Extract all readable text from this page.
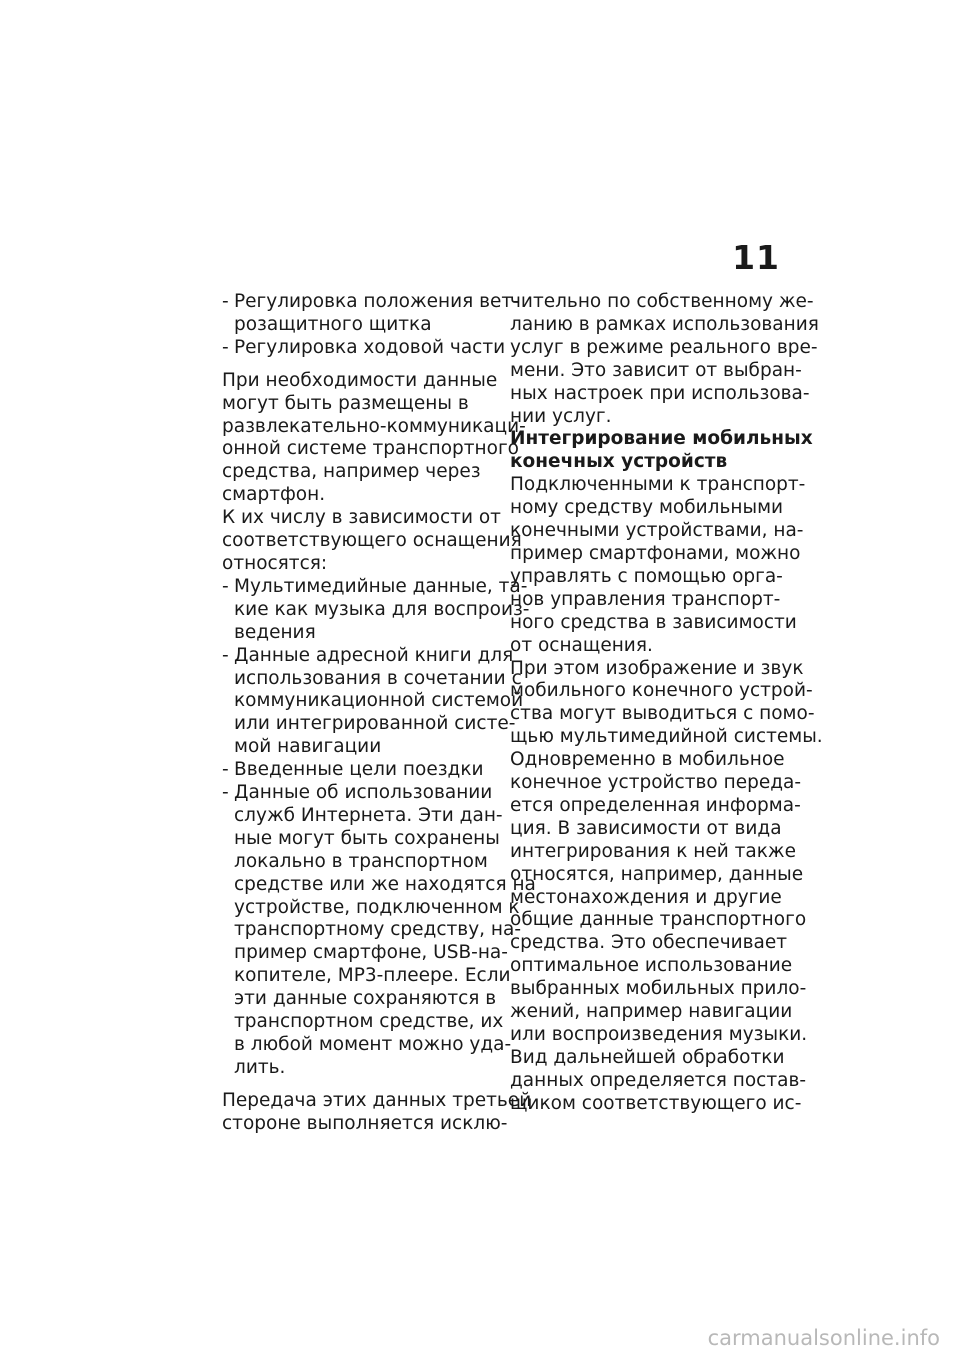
11
- Регулировка положения вет-
розащитного щитка
- Регулировка ходовой части
При необходимости данные
могут быть размещены в
развлекательно-коммуникаци-
онной системе транспортного
средства, например через
смартфон.
К их числу в зависимости от
соответствующего оснащения
относятся:
- Мультимедийные данные, та-
кие как музыка для воспроиз-
ведения
- Данные адресной книги для
использования в сочетании с
коммуникационной системой
или интегрированной систе-
мой навигации
- Введенные цели поездки
- Данные об использовании
служб Интернета. Эти дан-
ные могут быть сохранены
локально в транспортном
средстве или же находятся на
устройстве, подключенном к
транспортному средству, на-
пример смартфоне, USB-на-
копителе, MP3-плеере. Если
эти данные сохраняются в
транспортном средстве, их
в любой момент можно уда-
лить.
Передача этих данных третьей
стороне выполняется исклю-
чительно по собственному же-
ланию в рамках использования
услуг в режиме реального вре-
мени. Это зависит от выбран-
ных настроек при использова-
нии услуг.
Интегрирование мобильных
конечных устройств
Подключенными к транспорт-
ному средству мобильными
конечными устройствами, на-
пример смартфонами, можно
управлять с помощью орга-
нов управления транспорт-
ного средства в зависимости
от оснащения.
При этом изображение и звук
мобильного конечного устрой-
ства могут выводиться с помо-
щью мультимедийной системы.
Одновременно в мобильное
конечное устройство переда-
ется определенная информа-
ция. В зависимости от вида
интегрирования к ней также
относятся, например, данные
местонахождения и другие
общие данные транспортного
средства. Это обеспечивает
оптимальное использование
выбранных мобильных прило-
жений, например навигации
или воспроизведения музыки.
Вид дальнейшей обработки
данных определяется постав-
щиком соответствующего ис-
carmanualsonline.info
